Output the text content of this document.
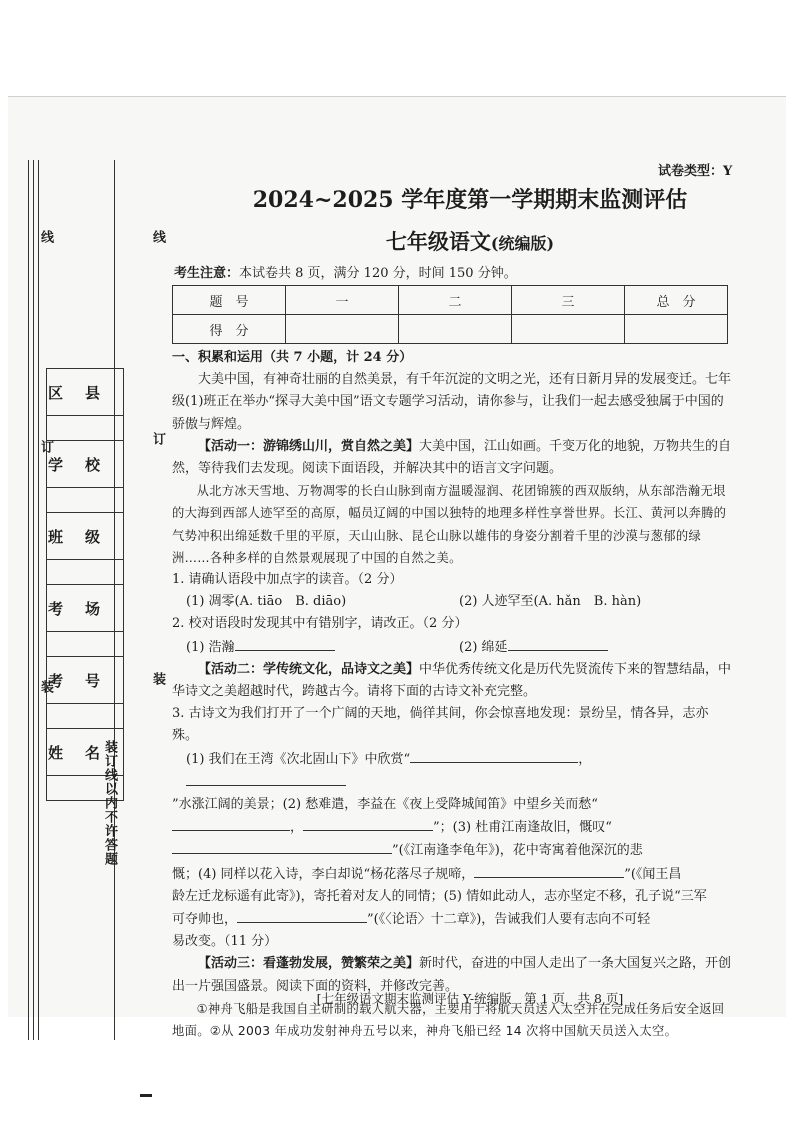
线	线
订
订
装
装
区县

学校

班级

考场

考号

姓名

装订线以内不许答题
试卷类型：Y
2024~2025 学年度第一学期期末监测评估
七年级语文(统编版)
考生注意：本试卷共 8 页，满分 120 分，时间 150 分钟。
题　号	一	二	三	总　分
得　分				

一、积累和运用（共 7 小题，计 24 分）

大美中国，有神奇壮丽的自然美景，有千年沉淀的文明之光，还有日新月异的发展变迁。七年级(1)班正在举办“探寻大美中国”语文专题学习活动，请你参与，让我们一起去感受独属于中国的骄傲与辉煌。

【活动一：游锦绣山川，赏自然之美】大美中国，江山如画。千变万化的地貌，万物共生的自然，等待我们去发现。阅读下面语段，并解决其中的语言文字问题。

从北方冰天雪地、万物凋零的长白山脉到南方温暖湿润、花团锦簇的西双版纳，从东部浩瀚无垠的大海到西部人迹罕至的高原，幅员辽阔的中国以独特的地理多样性享誉世界。长江、黄河以奔腾的气势冲积出绵延数千里的平原，天山山脉、昆仑山脉以雄伟的身姿分割着千里的沙漠与葱郁的绿洲……各种多样的自然景观展现了中国的自然之美。

1. 请确认语段中加点字的读音。（2 分）

(1) 凋零(A. tiāo　B. diāo)	(2) 人迹罕至(A. hǎn　B. hàn)

2. 校对语段时发现其中有错别字，请改正。（2 分）

(1) 浩瀚	(2) 绵延

【活动二：学传统文化，品诗文之美】中华优秀传统文化是历代先贤流传下来的智慧结晶，中华诗文之美超越时代，跨越古今。请将下面的古诗文补充完整。

3. 古诗文为我们打开了一个广阔的天地，倘徉其间，你会惊喜地发现：景纷呈，情各异，志亦殊。

(1) 我们在王湾《次北固山下》中欣赏“	，

”水涨江阔的美景；(2) 愁难遣，李益在《夜上受降城闻笛》中望乡关而愁“

，	”；(3) 杜甫江南逢故旧，慨叹“

”(《江南逢李龟年》)，花中寄寓着他深沉的悲

慨；(4) 同样以花入诗，李白却说“杨花落尽子规啼，	”(《闻王昌

龄左迁龙标遥有此寄》)，寄托着对友人的同情；(5) 情如此动人，志亦坚定不移，孔子说“三军

可夺帅也，	”(《〈论语〉十二章》)，告诫我们人要有志向不可轻

易改变。（11 分）

【活动三：看蓬勃发展，赞繁荣之美】新时代，奋进的中国人走出了一条大国复兴之路，开创出一片强国盛景。阅读下面的资料，并修改完善。

①神舟飞船是我国自主研制的载人航天器，主要用于将航天员送入太空并在完成任务后安全返回地面。②从 2003 年成功发射神舟五号以来，神舟飞船已经 14 次将中国航天员送入太空。

[七年级语文期末监测评估 Y-统编版　第 1 页　共 8 页]
